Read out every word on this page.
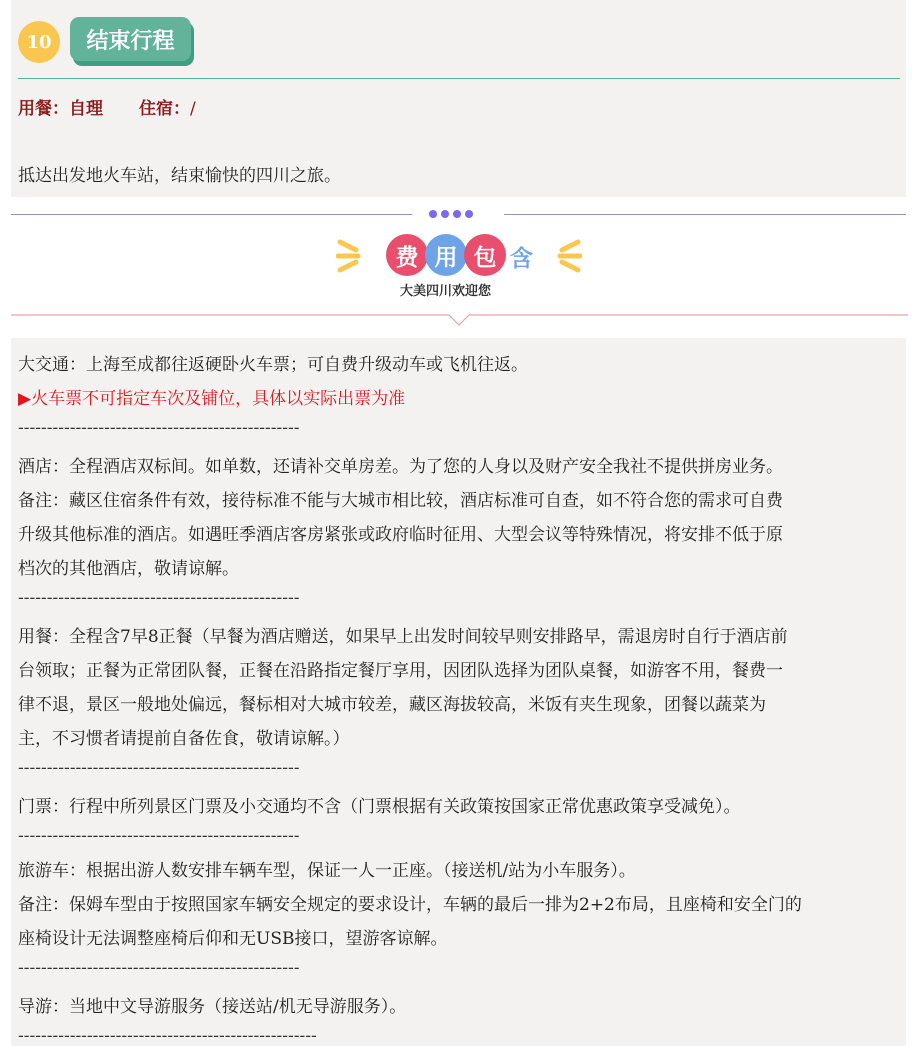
10	结束行程
用餐：自理 住宿：/
抵达出发地火车站，结束愉快的四川之旅。
费 用 包 含
大美四川欢迎您
大交通：上海至成都往返硬卧火车票；可自费升级动车或飞机往返。
▶火车票不可指定车次及铺位，具体以实际出票为准
-------------------------------------------------
酒店：全程酒店双标间。如单数，还请补交单房差。为了您的人身以及财产安全我社不提供拼房业务。
备注：藏区住宿条件有效，接待标准不能与大城市相比较，酒店标准可自查，如不符合您的需求可自费
升级其他标准的酒店。如遇旺季酒店客房紧张或政府临时征用、大型会议等特殊情况，将安排不低于原
档次的其他酒店，敬请谅解。
-------------------------------------------------
用餐：全程含7早8正餐（早餐为酒店赠送，如果早上出发时间较早则安排路早，需退房时自行于酒店前
台领取；正餐为正常团队餐，正餐在沿路指定餐厅享用，因团队选择为团队桌餐，如游客不用，餐费一
律不退，景区一般地处偏远，餐标相对大城市较差，藏区海拔较高，米饭有夹生现象，团餐以蔬菜为
主，不习惯者请提前自备佐食，敬请谅解。）
-------------------------------------------------
门票：行程中所列景区门票及小交通均不含（门票根据有关政策按国家正常优惠政策享受减免）。
-------------------------------------------------
旅游车：根据出游人数安排车辆车型，保证一人一正座。（接送机/站为小车服务）。
备注：保姆车型由于按照国家车辆安全规定的要求设计，车辆的最后一排为2+2布局，且座椅和安全门的
座椅设计无法调整座椅后仰和无USB接口，望游客谅解。
-------------------------------------------------
导游：当地中文导游服务（接送站/机无导游服务）。
----------------------------------------------------
